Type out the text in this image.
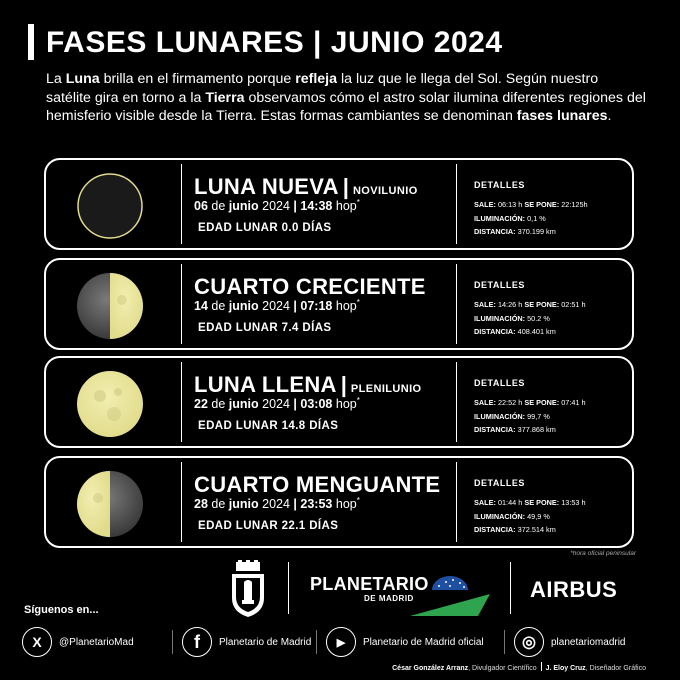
FASES LUNARES | JUNIO 2024

La Luna brilla en el firmamento porque refleja la luz que le llega del Sol. Según nuestro satélite gira en torno a la Tierra observamos cómo el astro solar ilumina diferentes regiones del hemisferio visible desde la Tierra. Estas formas cambiantes se denominan fases lunares.

LUNA NUEVA | NOVILUNIO
06 de junio 2024 | 14:38 hop*
EDAD LUNAR 0.0 DÍAS
DETALLES
SALE: 06:13 h SE PONE: 22:125h
ILUMINACIÓN: 0,1 %
DISTANCIA: 370.199 km
CUARTO CRECIENTE
14 de junio 2024 | 07:18 hop*
EDAD LUNAR 7.4 DÍAS
DETALLES
SALE: 14:26 h SE PONE: 02:51 h
ILUMINACIÓN: 50.2 %
DISTANCIA: 408.401 km
LUNA LLENA | PLENILUNIO
22 de junio 2024 | 03:08 hop*
EDAD LUNAR 14.8 DÍAS
DETALLES
SALE: 22:52 h SE PONE: 07:41 h
ILUMINACIÓN: 99,7 %
DISTANCIA: 377.868 km
CUARTO MENGUANTE
28 de junio 2024 | 23:53 hop*
EDAD LUNAR 22.1 DÍAS
DETALLES
SALE: 01:44 h SE PONE: 13:53 h
ILUMINACIÓN: 49,9 %
DISTANCIA: 372.514 km
*hora oficial peninsular
PLANETARIO
DE MADRID	AIRBUS
Síguenos en...
X	@PlanetarioMad	f	Planetario de Madrid	▶	Planetario de Madrid oficial	◎	planetariomadrid
César González Arranz, Divulgador Científico J. Eloy Cruz, Diseñador Gráfico
